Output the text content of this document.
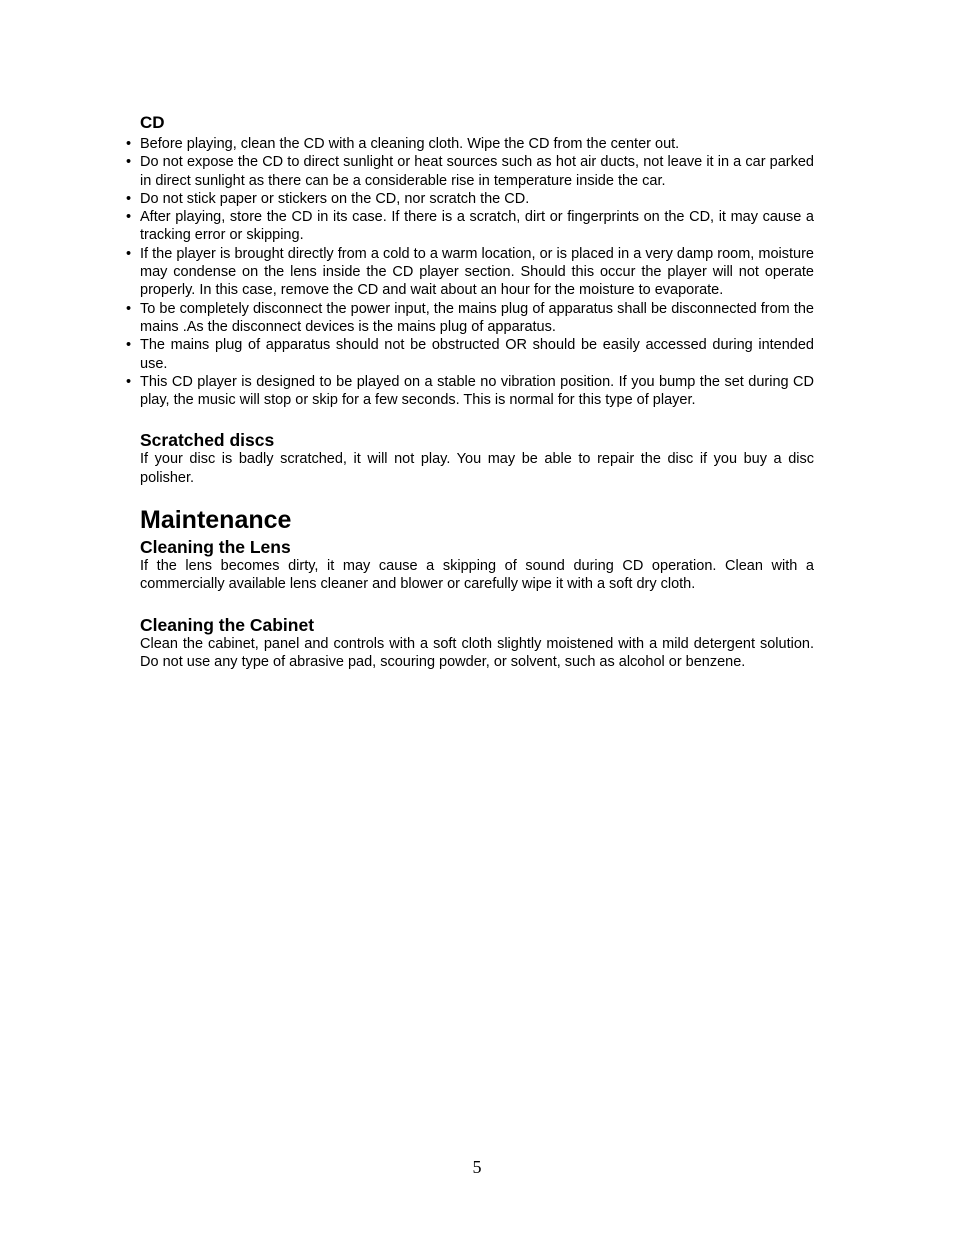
CD
• Before playing, clean the CD with a cleaning cloth. Wipe the CD from the center out.
• Do not expose the CD to direct sunlight or heat sources such as hot air ducts, not leave it in a car parked in direct sunlight as there can be a considerable rise in temperature inside the car.
• Do not stick paper or stickers on the CD, nor scratch the CD.
• After playing, store the CD in its case. If there is a scratch, dirt or fingerprints on the CD, it may cause a tracking error or skipping.
• If the player is brought directly from a cold to a warm location, or is placed in a very damp room, moisture may condense on the lens inside the CD player section. Should this occur the player will not operate properly. In this case, remove the CD and wait about an hour for the moisture to evaporate.
• To be completely disconnect the power input, the mains plug of apparatus shall be disconnected from the mains .As the disconnect devices is the mains plug of apparatus.
• The mains plug of apparatus should not be obstructed OR should be easily accessed during intended use.
• This CD player is designed to be played on a stable no vibration position. If you bump the set during CD play, the music will stop or skip for a few seconds. This is normal for this type of player.
Scratched discs

If your disc is badly scratched, it will not play. You may be able to repair the disc if you buy a disc polisher.

Maintenance
Cleaning the Lens

If the lens becomes dirty, it may cause a skipping of sound during CD operation. Clean with a commercially available lens cleaner and blower or carefully wipe it with a soft dry cloth.

Cleaning the Cabinet

Clean the cabinet, panel and controls with a soft cloth slightly moistened with a mild detergent solution. Do not use any type of abrasive pad, scouring powder, or solvent, such as alcohol or benzene.

5
